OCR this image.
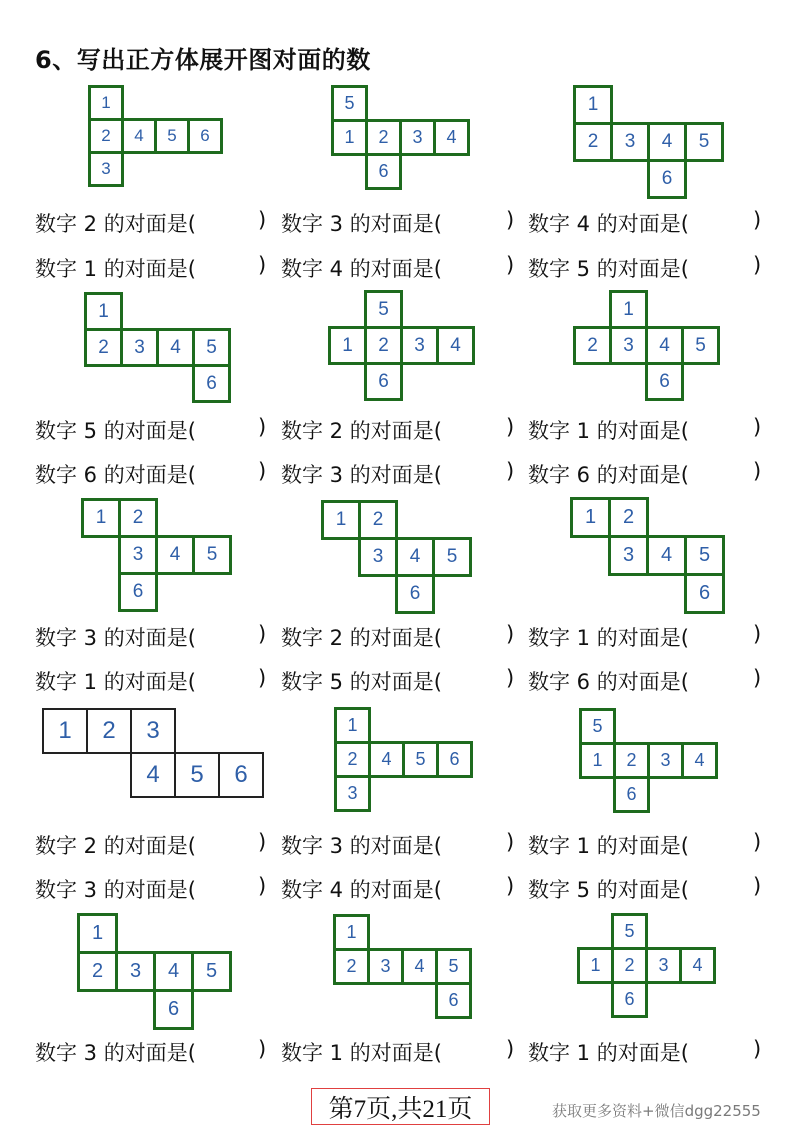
6、写出正方体展开图对面的数
1
2	4	5	6
3
5
1	2	3	4
6
1
2	3	4	5
6
1
2	3	4	5
6
5
1	2	3	4
6
1
2	3	4	5
6
1	2
3	4	5
6
1	2
3	4	5
6
1	2
3	4	5
6
1	2	3
4	5	6
1
2	4	5	6
3
5
1	2	3	4
6
1
2	3	4	5
6
1
2	3	4	5
6
5
1	2	3	4
6
数字 2 的对面是(	) 数字 3 的对面是(	) 数字 4 的对面是(	)
数字 1 的对面是(	) 数字 4 的对面是(	) 数字 5 的对面是(	)
数字 5 的对面是(	) 数字 2 的对面是(	) 数字 1 的对面是(	)
数字 6 的对面是(	) 数字 3 的对面是(	) 数字 6 的对面是(	)
数字 3 的对面是(	) 数字 2 的对面是(	) 数字 1 的对面是(	)
数字 1 的对面是(	) 数字 5 的对面是(	) 数字 6 的对面是(	)
数字 2 的对面是(	) 数字 3 的对面是(	) 数字 1 的对面是(	)
数字 3 的对面是(	) 数字 4 的对面是(	) 数字 5 的对面是(	)
数字 3 的对面是(	) 数字 1 的对面是(	) 数字 1 的对面是(	)
第7页,共21页	获取更多资料+微信dgg22555
